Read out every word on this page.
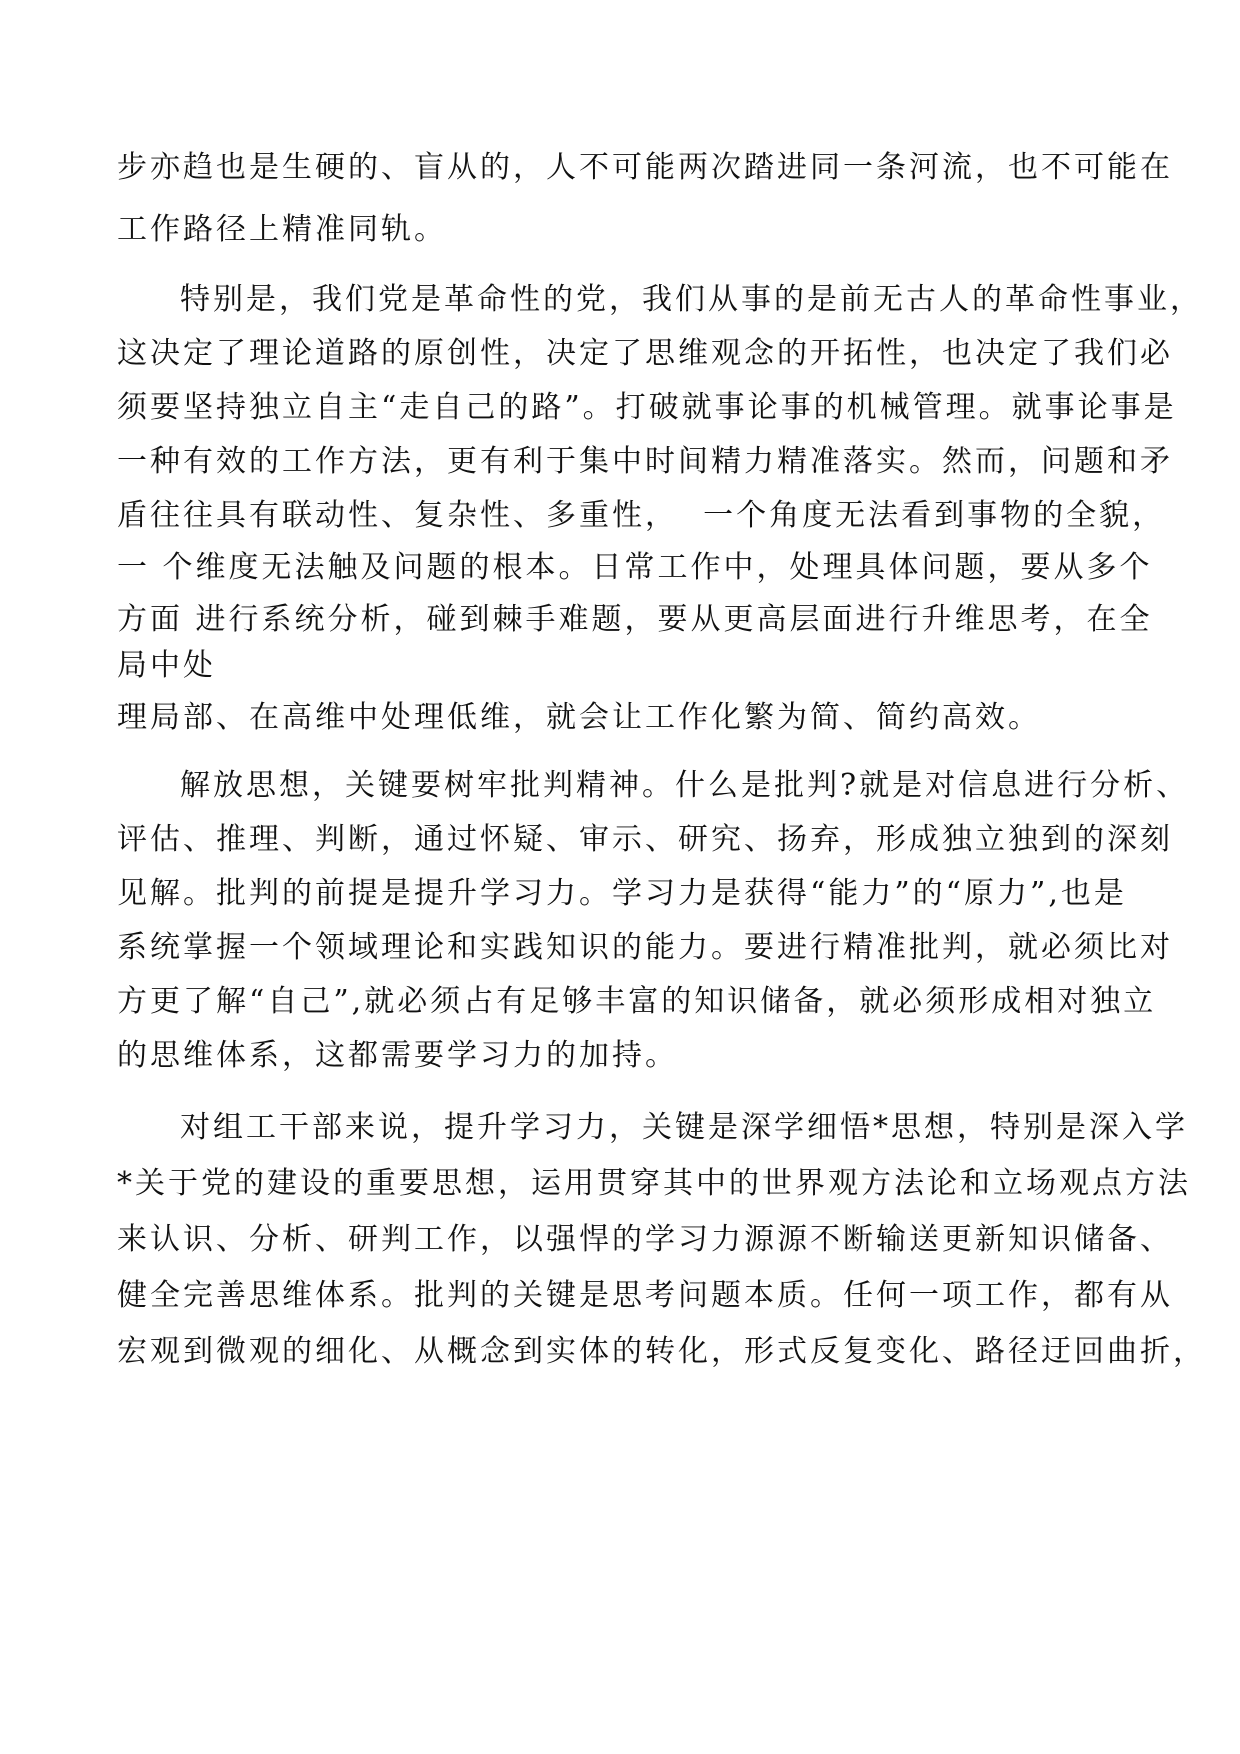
步亦趋也是生硬的、盲从的，人不可能两次踏进同一条河流，也不可能在
工作路径上精准同轨。
特别是，我们党是革命性的党，我们从事的是前无古人的革命性事业，
这决定了理论道路的原创性，决定了思维观念的开拓性，也决定了我们必
须要坚持独立自主“走自己的路”。打破就事论事的机械管理。就事论事是
一种有效的工作方法，更有利于集中时间精力精准落实。然而，问题和矛
盾往往具有联动性、复杂性、多重性，  一个角度无法看到事物的全貌，
一 个维度无法触及问题的根本。日常工作中，处理具体问题，要从多个
方面 进行系统分析，碰到棘手难题，要从更高层面进行升维思考，在全
局中处
理局部、在高维中处理低维，就会让工作化繁为简、简约高效。
解放思想，关键要树牢批判精神。什么是批判?就是对信息进行分析、
评估、推理、判断，通过怀疑、审示、研究、扬弃，形成独立独到的深刻
见解。批判的前提是提升学习力。学习力是获得“能力”的“原力”,也是
系统掌握一个领域理论和实践知识的能力。要进行精准批判，就必须比对
方更了解“自己”,就必须占有足够丰富的知识储备，就必须形成相对独立
的思维体系，这都需要学习力的加持。
对组工干部来说，提升学习力，关键是深学细悟*思想，特别是深入学
*关于党的建设的重要思想，运用贯穿其中的世界观方法论和立场观点方法
来认识、分析、研判工作，以强悍的学习力源源不断输送更新知识储备、
健全完善思维体系。批判的关键是思考问题本质。任何一项工作，都有从
宏观到微观的细化、从概念到实体的转化，形式反复变化、路径迂回曲折，
